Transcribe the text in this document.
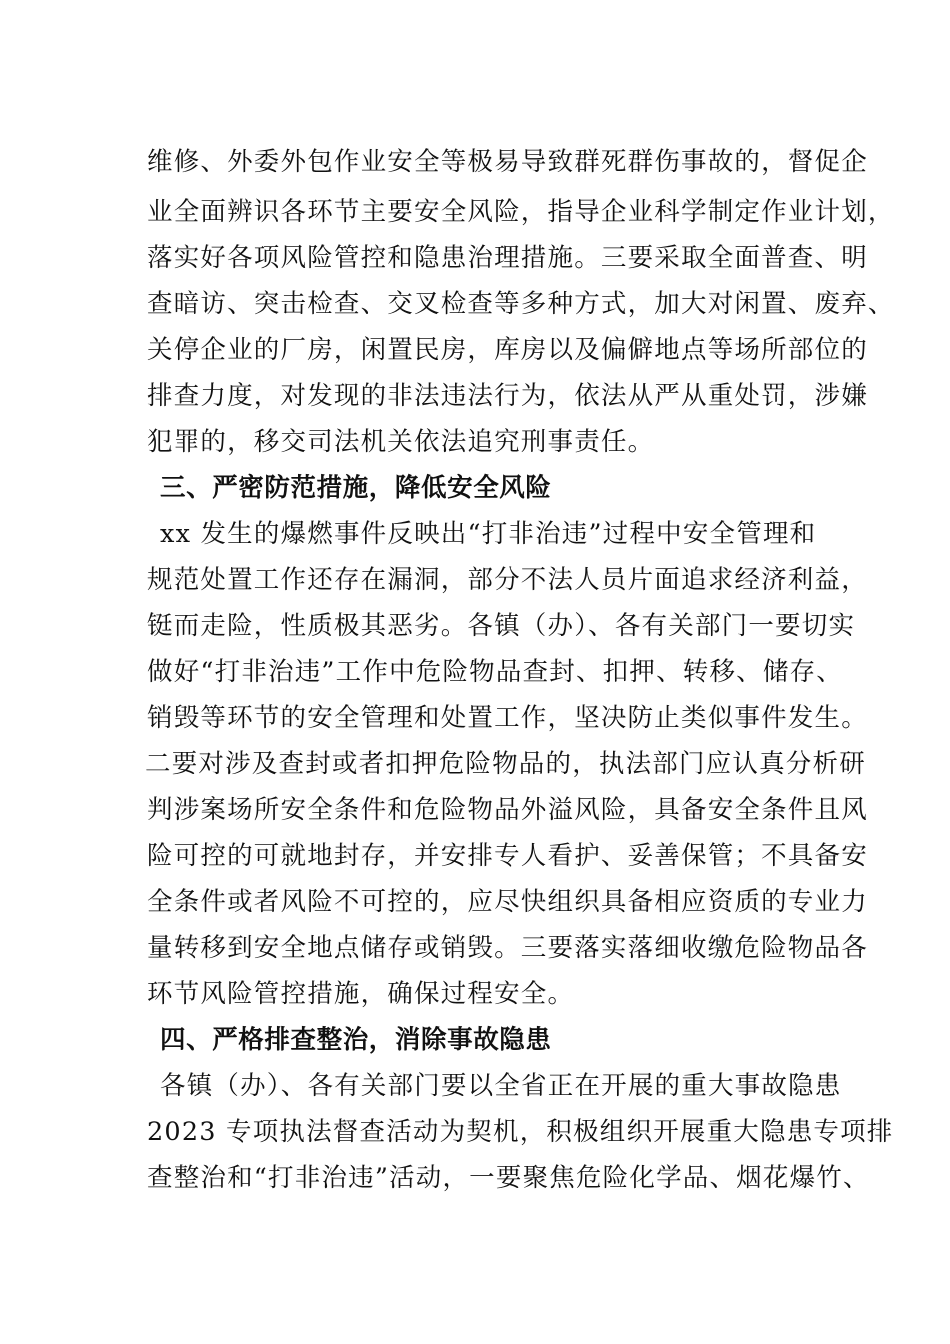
维修、外委外包作业安全等极易导致群死群伤事故的，督促企
业全面辨识各环节主要安全风险，指导企业科学制定作业计划，
落实好各项风险管控和隐患治理措施。三要采取全面普查、明
查暗访、突击检查、交叉检查等多种方式，加大对闲置、废弃、
关停企业的厂房，闲置民房，库房以及偏僻地点等场所部位的
排查力度，对发现的非法违法行为，依法从严从重处罚，涉嫌
犯罪的，移交司法机关依法追究刑事责任。
三、严密防范措施，降低安全风险
xx 发生的爆燃事件反映出“打非治违”过程中安全管理和
规范处置工作还存在漏洞，部分不法人员片面追求经济利益，
铤而走险，性质极其恶劣。各镇（办）、各有关部门一要切实
做好“打非治违”工作中危险物品查封、扣押、转移、储存、
销毁等环节的安全管理和处置工作，坚决防止类似事件发生。
二要对涉及查封或者扣押危险物品的，执法部门应认真分析研
判涉案场所安全条件和危险物品外溢风险，具备安全条件且风
险可控的可就地封存，并安排专人看护、妥善保管；不具备安
全条件或者风险不可控的，应尽快组织具备相应资质的专业力
量转移到安全地点储存或销毁。三要落实落细收缴危险物品各
环节风险管控措施，确保过程安全。
四、严格排查整治，消除事故隐患
各镇（办）、各有关部门要以全省正在开展的重大事故隐患
2023 专项执法督查活动为契机，积极组织开展重大隐患专项排
查整治和“打非治违”活动，一要聚焦危险化学品、烟花爆竹、
